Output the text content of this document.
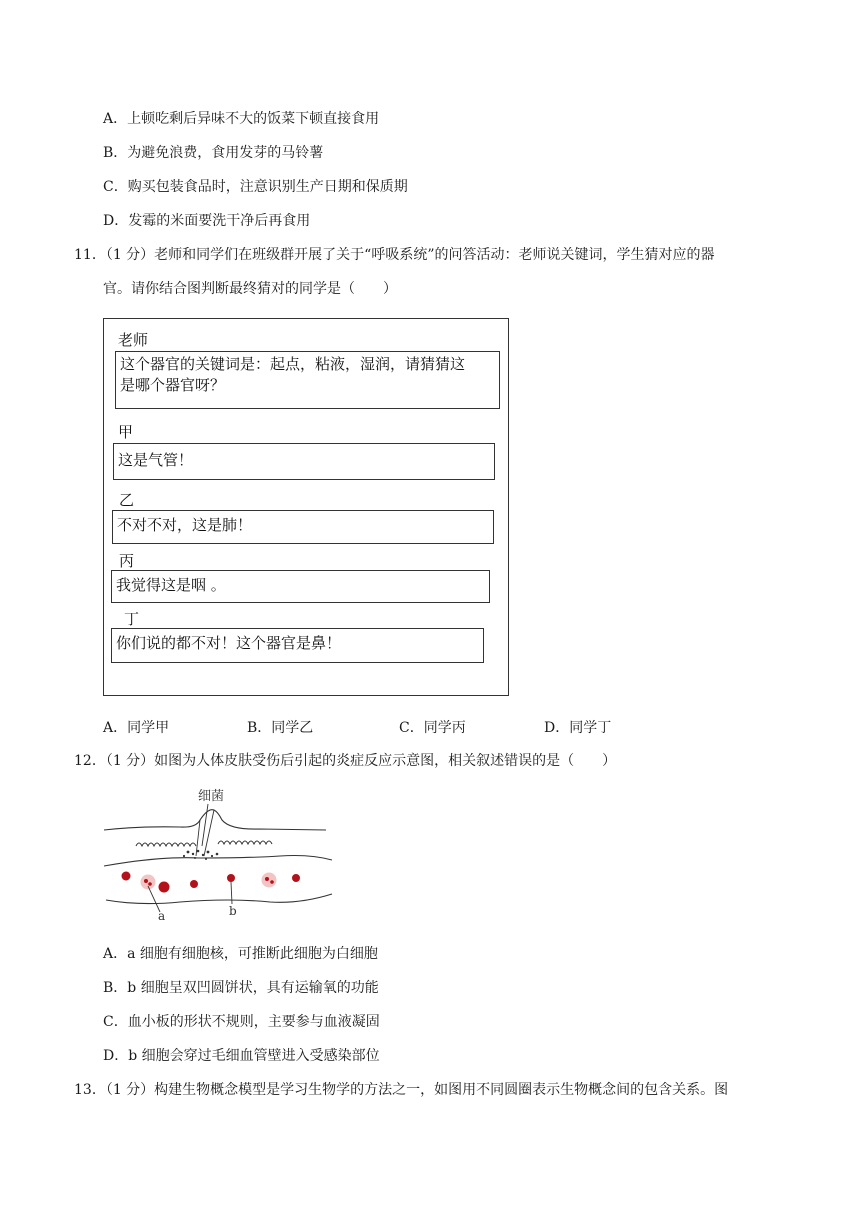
A．上顿吃剩后异味不大的饭菜下顿直接食用
B．为避免浪费，食用发芽的马铃薯
C．购买包装食品时，注意识别生产日期和保质期
D．发霉的米面要洗干净后再食用
11．（1 分）老师和同学们在班级群开展了关于“呼吸系统”的问答活动：老师说关键词，学生猜对应的器
官。请你结合图判断最终猜对的同学是（　　）
老师
这个器官的关键词是：起点，粘液，湿润，请猜猜这
是哪个器官呀？
甲
这是气管！
乙
不对不对，这是肺！
丙
我觉得这是咽 。
丁
你们说的都不对！这个器官是鼻！
A．同学甲	B．同学乙	C．同学丙	D．同学丁
12．（1 分）如图为人体皮肤受伤后引起的炎症反应示意图，相关叙述错误的是（　　）
细菌
a	b
A．a 细胞有细胞核，可推断此细胞为白细胞
B．b 细胞呈双凹圆饼状，具有运输氧的功能
C．血小板的形状不规则，主要参与血液凝固
D．b 细胞会穿过毛细血管壁进入受感染部位
13．（1 分）构建生物概念模型是学习生物学的方法之一，如图用不同圆圈表示生物概念间的包含关系。图
